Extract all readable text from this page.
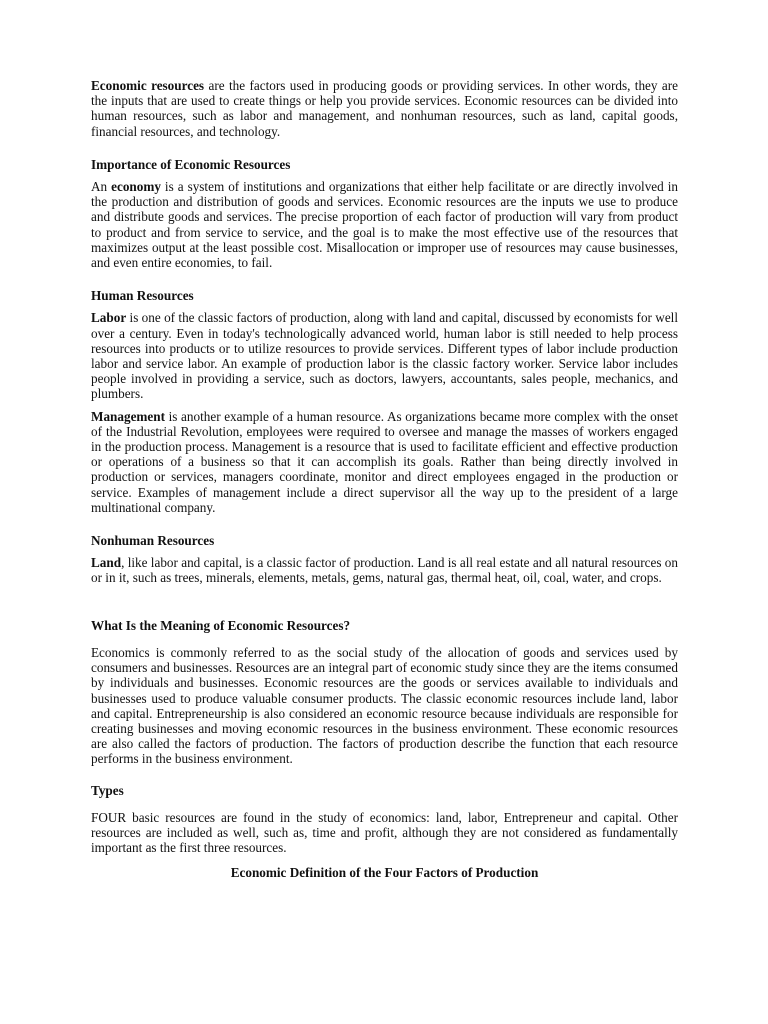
Economic resources are the factors used in producing goods or providing services. In other words, they are the inputs that are used to create things or help you provide services. Economic resources can be divided into human resources, such as labor and management, and nonhuman resources, such as land, capital goods, financial resources, and technology.

Importance of Economic Resources

An economy is a system of institutions and organizations that either help facilitate or are directly involved in the production and distribution of goods and services. Economic resources are the inputs we use to produce and distribute goods and services. The precise proportion of each factor of production will vary from product to product and from service to service, and the goal is to make the most effective use of the resources that maximizes output at the least possible cost. Misallocation or improper use of resources may cause businesses, and even entire economies, to fail.

Human Resources

Labor is one of the classic factors of production, along with land and capital, discussed by economists for well over a century. Even in today's technologically advanced world, human labor is still needed to help process resources into products or to utilize resources to provide services. Different types of labor include production labor and service labor. An example of production labor is the classic factory worker. Service labor includes people involved in providing a service, such as doctors, lawyers, accountants, sales people, mechanics, and plumbers.

Management is another example of a human resource. As organizations became more complex with the onset of the Industrial Revolution, employees were required to oversee and manage the masses of workers engaged in the production process. Management is a resource that is used to facilitate efficient and effective production or operations of a business so that it can accomplish its goals. Rather than being directly involved in production or services, managers coordinate, monitor and direct employees engaged in the production or service. Examples of management include a direct supervisor all the way up to the president of a large multinational company.

Nonhuman Resources

Land, like labor and capital, is a classic factor of production. Land is all real estate and all natural resources on or in it, such as trees, minerals, elements, metals, gems, natural gas, thermal heat, oil, coal, water, and crops.

What Is the Meaning of Economic Resources?

Economics is commonly referred to as the social study of the allocation of goods and services used by consumers and businesses. Resources are an integral part of economic study since they are the items consumed by individuals and businesses. Economic resources are the goods or services available to individuals and businesses used to produce valuable consumer products. The classic economic resources include land, labor and capital. Entrepreneurship is also considered an economic resource because individuals are responsible for creating businesses and moving economic resources in the business environment. These economic resources are also called the factors of production. The factors of production describe the function that each resource performs in the business environment.

Types

FOUR basic resources are found in the study of economics: land, labor, Entrepreneur and capital. Other resources are included as well, such as, time and profit, although they are not considered as fundamentally important as the first three resources.

Economic Definition of the Four Factors of Production
